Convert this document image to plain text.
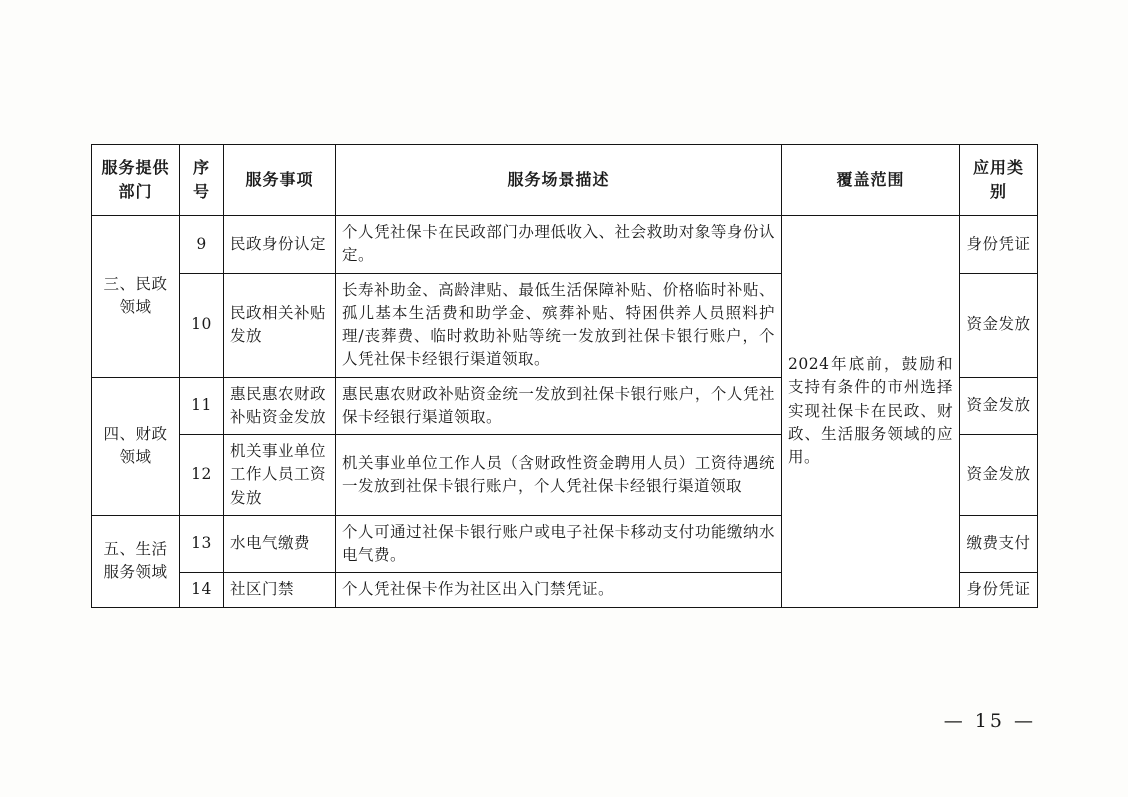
服务提供部门	序号	服务事项	服务场景描述	覆盖范围	应用类别
三、民政领域	9	民政身份认定	个人凭社保卡在民政部门办理低收入、社会救助对象等身份认定。	2024年底前，鼓励和支持有条件的市州选择实现社保卡在民政、财政、生活服务领域的应用。	身份凭证
	10	民政相关补贴发放	长寿补助金、高龄津贴、最低生活保障补贴、价格临时补贴、孤儿基本生活费和助学金、殡葬补贴、特困供养人员照料护理/丧葬费、临时救助补贴等统一发放到社保卡银行账户，个人凭社保卡经银行渠道领取。		资金发放
四、财政领域	11	惠民惠农财政补贴资金发放	惠民惠农财政补贴资金统一发放到社保卡银行账户，个人凭社保卡经银行渠道领取。		资金发放
	12	机关事业单位工作人员工资发放	机关事业单位工作人员（含财政性资金聘用人员）工资待遇统一发放到社保卡银行账户，个人凭社保卡经银行渠道领取		资金发放
五、生活服务领域	13	水电气缴费	个人可通过社保卡银行账户或电子社保卡移动支付功能缴纳水电气费。		缴费支付
	14	社区门禁	个人凭社保卡作为社区出入门禁凭证。		身份凭证
— 15 —
